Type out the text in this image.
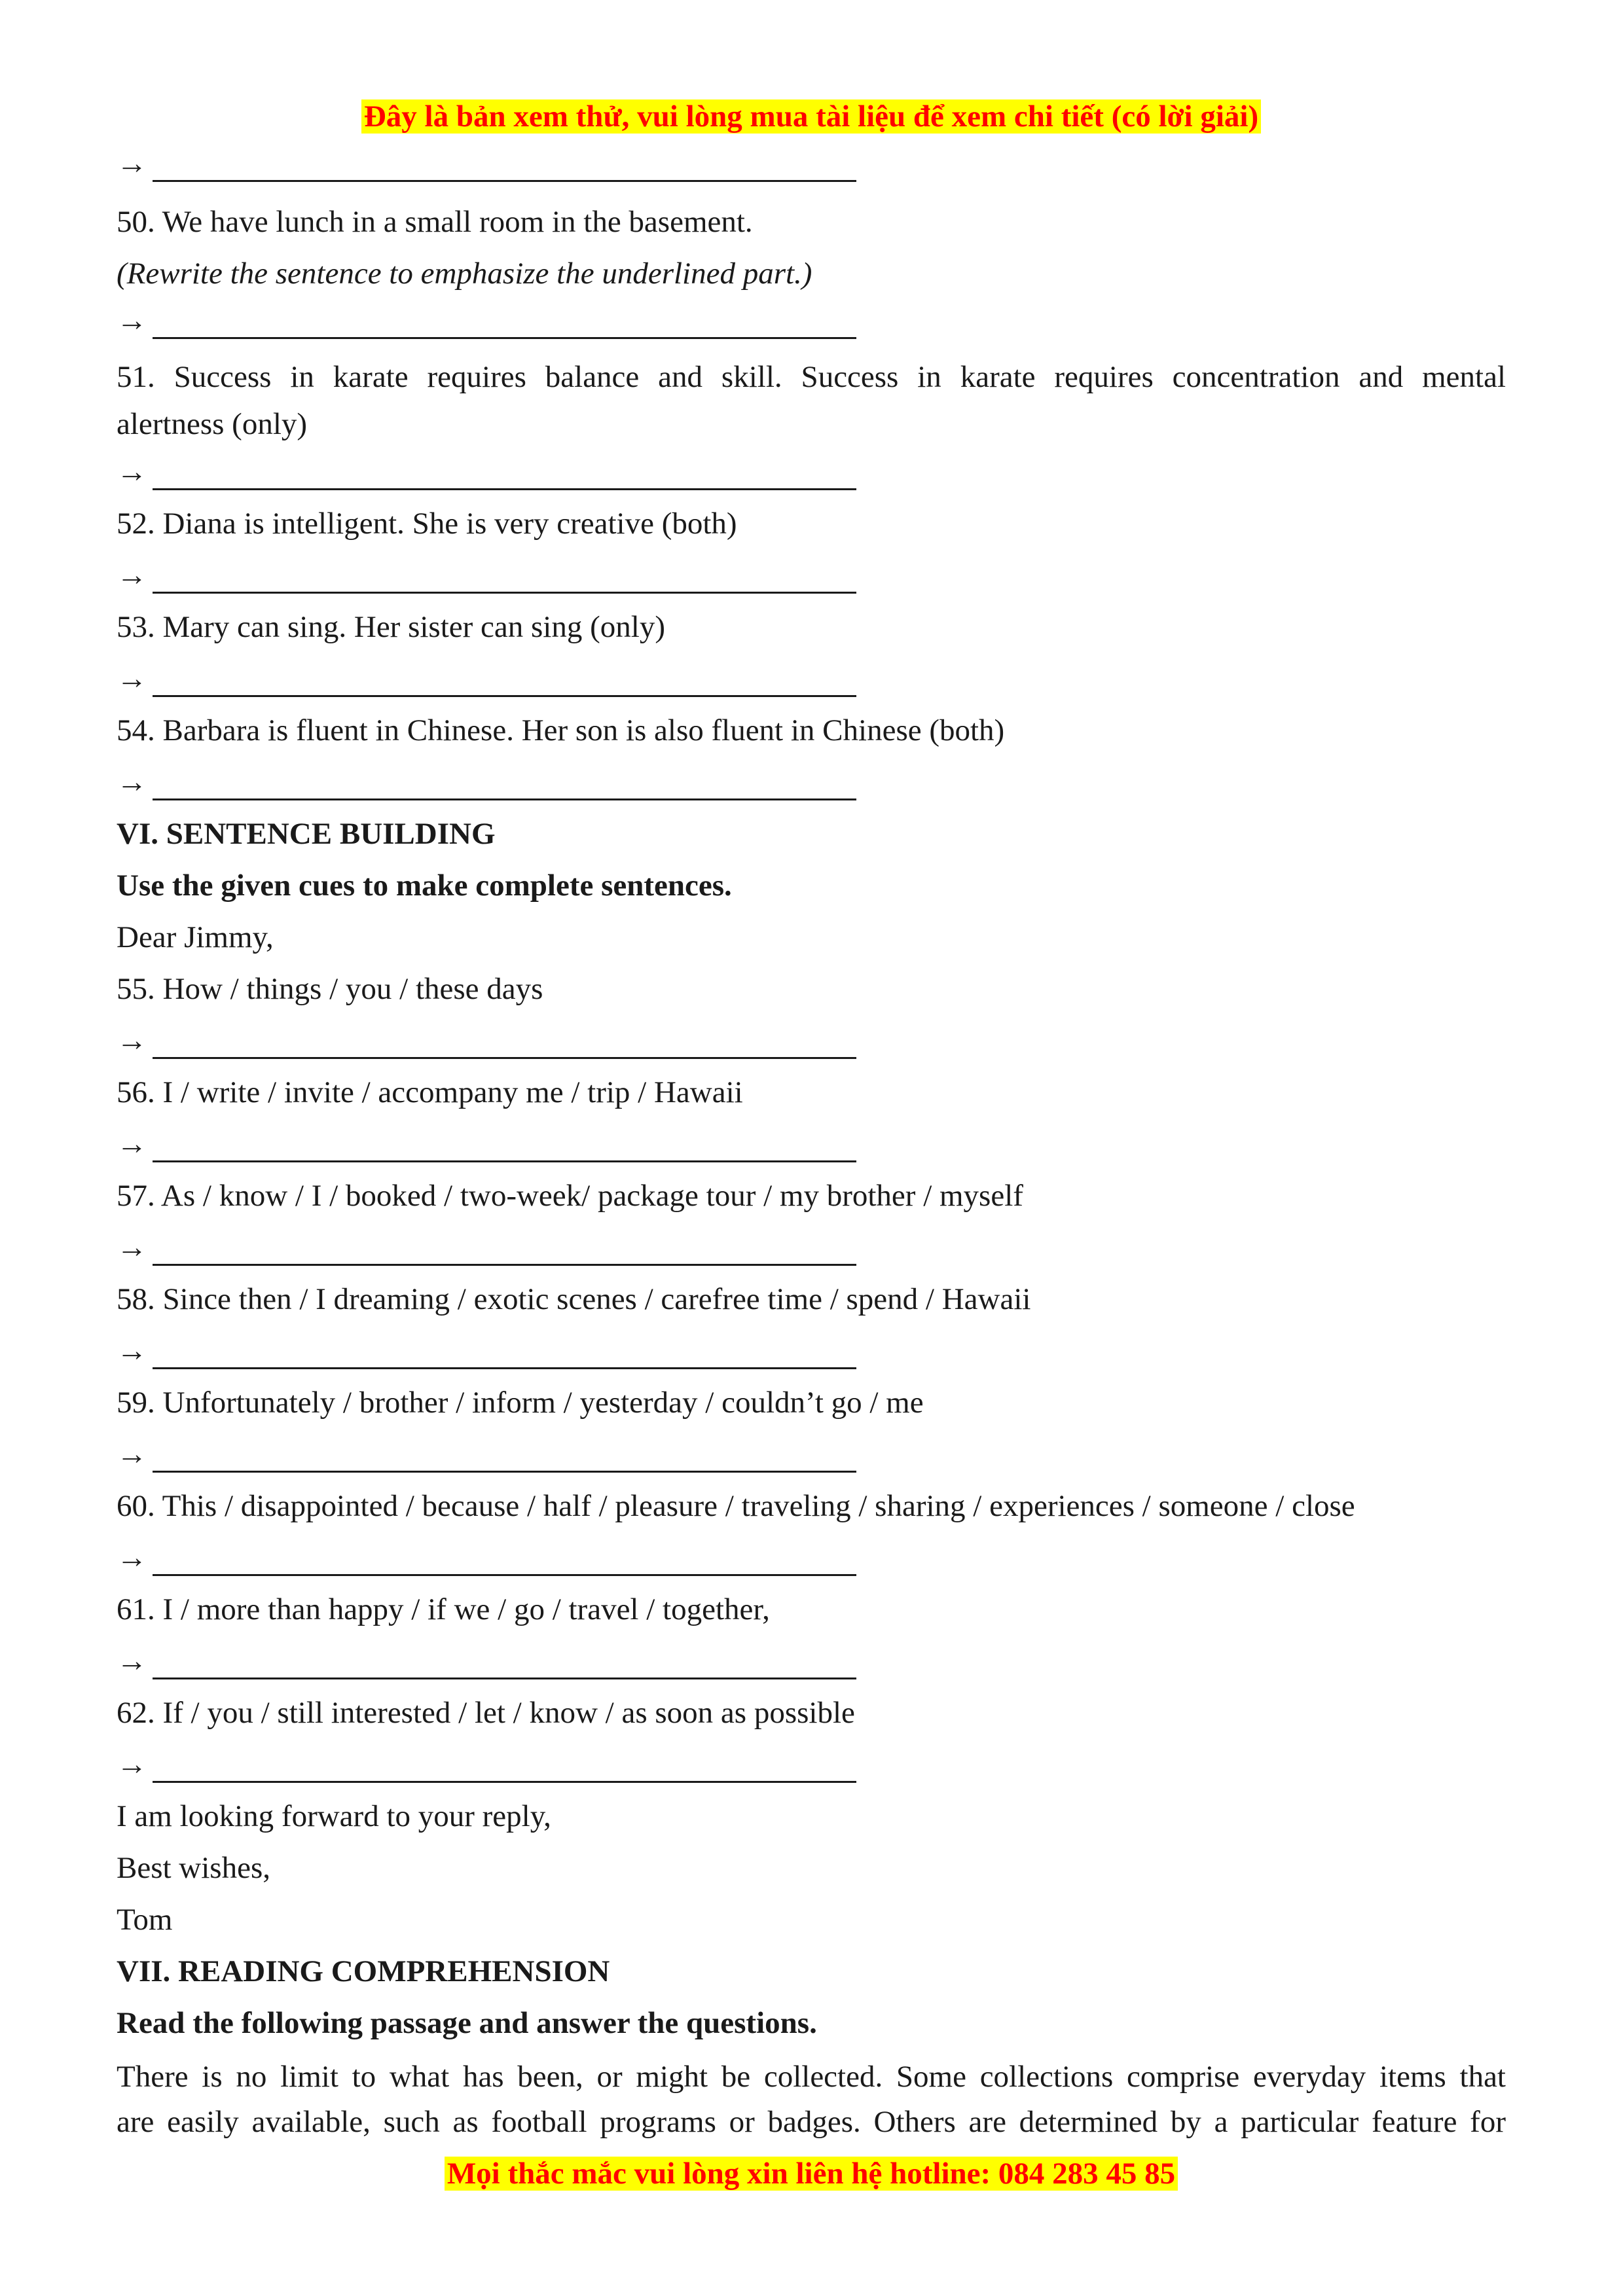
Đây là bản xem thử, vui lòng mua tài liệu để xem chi tiết (có lời giải)
→
50. We have lunch in a small room in the basement.
(Rewrite the sentence to emphasize the underlined part.)
→
51. Success in karate requires balance and skill. Success in karate requires concentration and mental
alertness (only)
→
52. Diana is intelligent. She is very creative (both)
→
53. Mary can sing. Her sister can sing (only)
→
54. Barbara is fluent in Chinese. Her son is also fluent in Chinese (both)
→
VI. SENTENCE BUILDING
Use the given cues to make complete sentences.
Dear Jimmy,
55. How / things / you / these days
→
56. I / write / invite / accompany me / trip / Hawaii
→
57. As / know / I / booked / two-week/ package tour / my brother / myself
→
58. Since then / I dreaming / exotic scenes / carefree time / spend / Hawaii
→
59. Unfortunately / brother / inform / yesterday / couldn’t go / me
→
60. This / disappointed / because / half / pleasure / traveling / sharing / experiences / someone / close
→
61. I / more than happy / if we / go / travel / together,
→
62. If / you / still interested / let / know / as soon as possible
→
I am looking forward to your reply,
Best wishes,
Tom
VII. READING COMPREHENSION
Read the following passage and answer the questions.
There is no limit to what has been, or might be collected. Some collections comprise everyday items that
are easily available, such as football programs or badges. Others are determined by a particular feature for
Mọi thắc mắc vui lòng xin liên hệ hotline: 084 283 45 85
